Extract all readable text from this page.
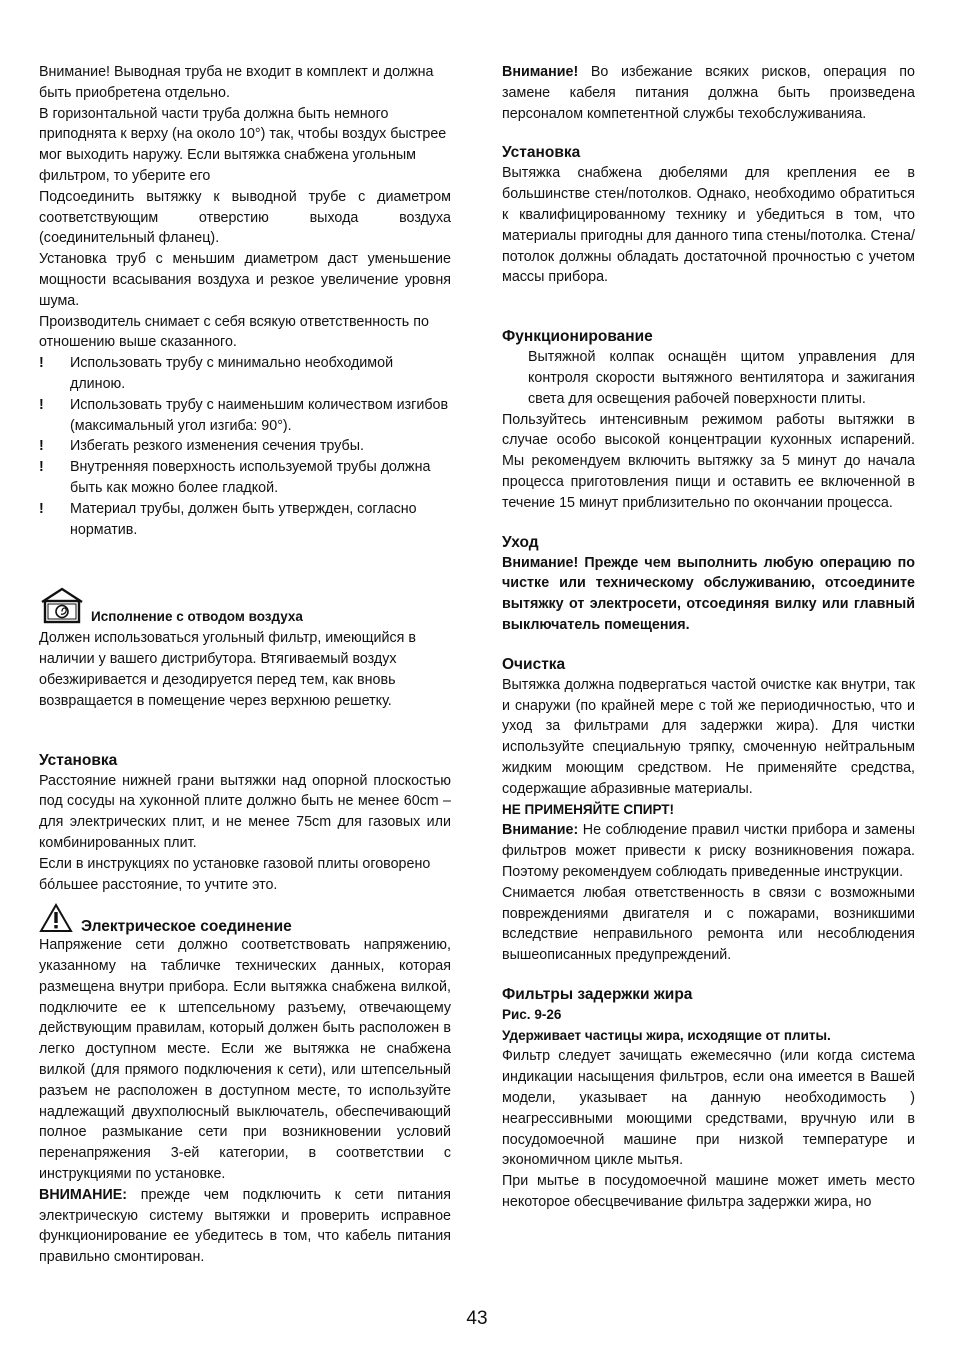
Внимание! Выводная труба не входит в комплект и должна быть приобретена отдельно.

В горизонтальной части труба должна быть немного приподнята к верху (на около 10°) так, чтобы воздух быстрее мог выходить наружу. Если вытяжка снабжена угольным фильтром, то уберите его

Подсоединить вытяжку к выводной трубе с диаметром соответствующим отверстию выхода воздуха (соединительный фланец).

Установка труб с меньшим диаметром даст уменьшение мощности всасывания воздуха и резкое увеличение уровня шума.

Производитель снимает с себя всякую ответственность по отношению выше сказанного.

!	Использовать трубу с минимально необходимой длиною.
!	Использовать трубу с наименьшим количеством изгибов (максимальный угол изгиба: 90°).
!	Избегать резкого изменения сечения трубы.
!	Внутренняя поверхность используемой трубы должна быть как можно более гладкой.
!	Материал трубы, должен быть утвержден, согласно норматив.
Исполнение с отводом воздуха

Должен использоваться угольный фильтр, имеющийся в наличии у вашего дистрибутора. Втягиваемый воздух обезжиривается и дезодируется перед тем, как вновь возвращается в помещение через верхнюю решетку.

Установка

Расстояние нижней грани вытяжки над опорной плоскостью под сосуды на хуконной плите должно быть не менее 60cm – для электрических плит, и не менее 75cm для газовых или комбинированных плит.

Если в инструкциях по установке газовой плиты оговорено бóльшее расстояние, то учтите это.

Электрическое соединение

Напряжение сети должно соответствовать напряжению, указанному на табличке технических данных, которая размещена внутри прибора. Если вытяжка снабжена вилкой, подключите ее к штепсельному разъему, отвечающему действующим правилам, который должен быть расположен в легко доступном месте. Если же вытяжка не снабжена вилкой (для прямого подключения к сети), или штепсельный разъем не расположен в доступном месте, то используйте надлежащий двухполюсный выключатель, обеспечивающий полное размыкание сети при возникновении условий перенапряжения 3-ей категории, в соответствии с инструкциями по установке.

ВНИМАНИЕ: прежде чем подключить к сети питания электрическую систему вытяжки и проверить исправное функционирование ее убедитесь в том, что кабель питания правильно смонтирован.

Внимание! Во избежание всяких рисков, операция по замене кабеля питания должна быть произведена персоналом компетентной службы техобслуживанияа.

Установка

Вытяжка снабжена дюбелями для крепления ее в большинстве стен/потолков. Однако, необходимо обратиться к квалифицированному технику и убедиться в том, что материалы пригодны для данного типа стены/потолка. Стена/потолок должны обладать достаточной прочностью с учетом массы прибора.

Функционирование

Вытяжной колпак оснащён щитом управления для контроля скорости вытяжного вентилятора и зажигания света для освещения рабочей поверхности плиты.

Пользуйтесь интенсивным режимом работы вытяжки в случае особо высокой концентрации кухонных испарений. Мы рекомендуем включить вытяжку за 5 минут до начала процесса приготовления пищи и оставить ее включенной в течение 15 минут приблизительно по окончании процесса.

Уход

Внимание! Прежде чем выполнить любую операцию по чистке или техническому обслуживанию, отсоедините вытяжку от электросети, отсоединяя вилку или главный выключатель помещения.

Очистка

Вытяжка должна подвергаться частой очистке как внутри, так и снаружи (по крайней мере с той же периодичностью, что и уход за фильтрами для задержки жира). Для чистки используйте специальную тряпку, смоченную нейтральным жидким моющим средством. Не применяйте средства, содержащие абразивные материалы.

НЕ ПРИМЕНЯЙТЕ СПИРТ!

Внимание: Не соблюдение правил чистки прибора и замены фильтров может привести к риску возникновения пожара. Поэтому рекомендуем соблюдать приведенные инструкции.

Снимается любая ответственность в связи с возможными повреждениями двигателя и с пожарами, возникшими вследствие неправильного ремонта или несоблюдения вышеописанных предупреждений.

Фильтры задержки жира

Рис. 9-26

Удерживает частицы жира, исходящие от плиты.

Фильтр следует зачищать ежемесячно (или когда система индикации насыщения фильтров, если она имеется в Вашей модели, указывает на данную необходимость ) неагрессивными моющими средствами, вручную или в посудомоечной машине при низкой температуре и экономичном цикле мытья.

При мытье в посудомоечной машине может иметь место некоторое обесцвечивание фильтра задержки жира, но

43
